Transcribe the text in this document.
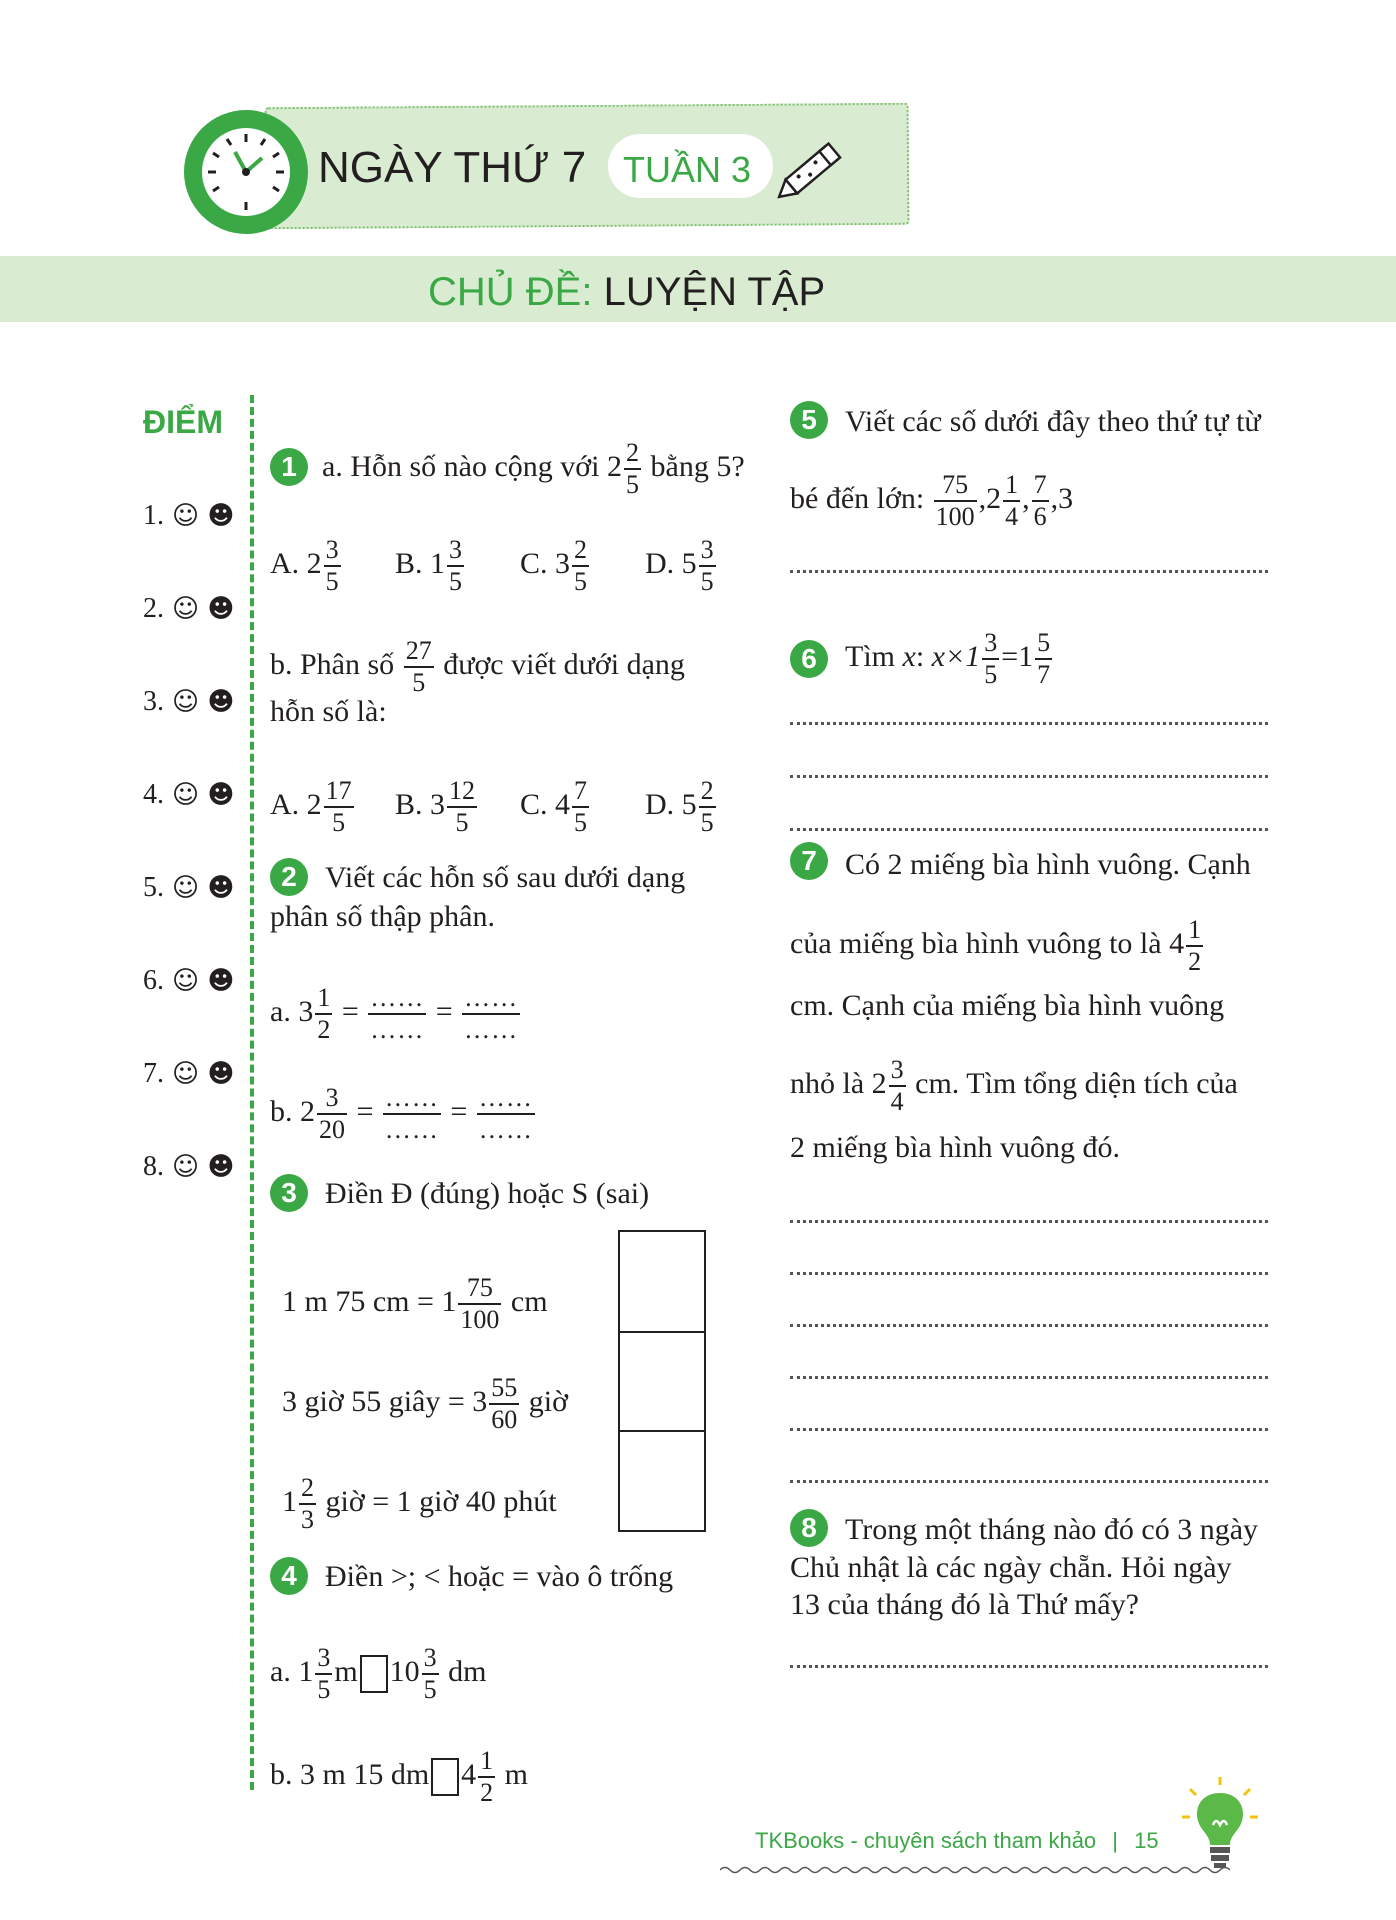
NGÀY THỨ 7 TUẦN 3
CHỦ ĐỀ: LUYỆN TẬP
ĐIỂM
1. ☺ ☻
2. ☺ ☻
3. ☺ ☻
4. ☺ ☻
5. ☺ ☻
6. ☺ ☻
7. ☺ ☻
8. ☺ ☻
1 a. Hỗn số nào cộng với $2 \frac{2}{5}$ bằng 5?
A. $2 \frac{3}{5} B$. $1 \frac{3}{5} C$. $3 \frac{2}{5} D$. $5 \frac{3}{5}$
b. Phân số $\frac{27}{5}$ được viết dưới dạng
hỗn số là:
A. $2 \frac{17}{5} B$. $3 \frac{12}{5} C$. $4 \frac{7}{5} D$. $5 \frac{2}{5}$
2 Viết các hỗn số sau dưới dạng
phân số thập phân.
a. $3 \frac{1}{2} = \frac{\dots\dots}{\dots\dots} = \frac{\dots\dots}{\dots\dots}$
b. $2 \frac{3}{20} = \frac{\dots\dots}{\dots\dots} = \frac{\dots\dots}{\dots\dots}$
3 Điền Đ (đúng) hoặc S (sai)
1 m 75 cm = $1 \frac{75}{100}$ cm
3 giờ 55 giây = $3 \frac{55}{60}$ giờ
$1 \frac{2}{3}$ giờ = 1 giờ 40 phút
4 Điền >; < hoặc = vào ô trống
a. $1 \frac{3}{5}$ m $10 \frac{3}{5}$ dm
b. 3 m 15 dm $4 \frac{1}{2}$ m
5 Viết các số dưới đây theo thứ tự từ
bé đến lớn: $\frac{75}{100} ,2 \frac{1}{4}$ , $\frac{7}{6} ,3$
6 Tìm x: $x\times 1 \frac{3}{5} =1 \frac{5}{7}$
7 Có 2 miếng bìa hình vuông. Cạnh
của miếng bìa hình vuông to là $4 \frac{1}{2}$
cm. Cạnh của miếng bìa hình vuông
nhỏ là $2 \frac{3}{4}$ cm. Tìm tổng diện tích của
2 miếng bìa hình vuông đó.
8 Trong một tháng nào đó có 3 ngày
Chủ nhật là các ngày chẵn. Hỏi ngày
13 của tháng đó là Thứ mấy?
TKBooks - chuyên sách tham khảo | 15
